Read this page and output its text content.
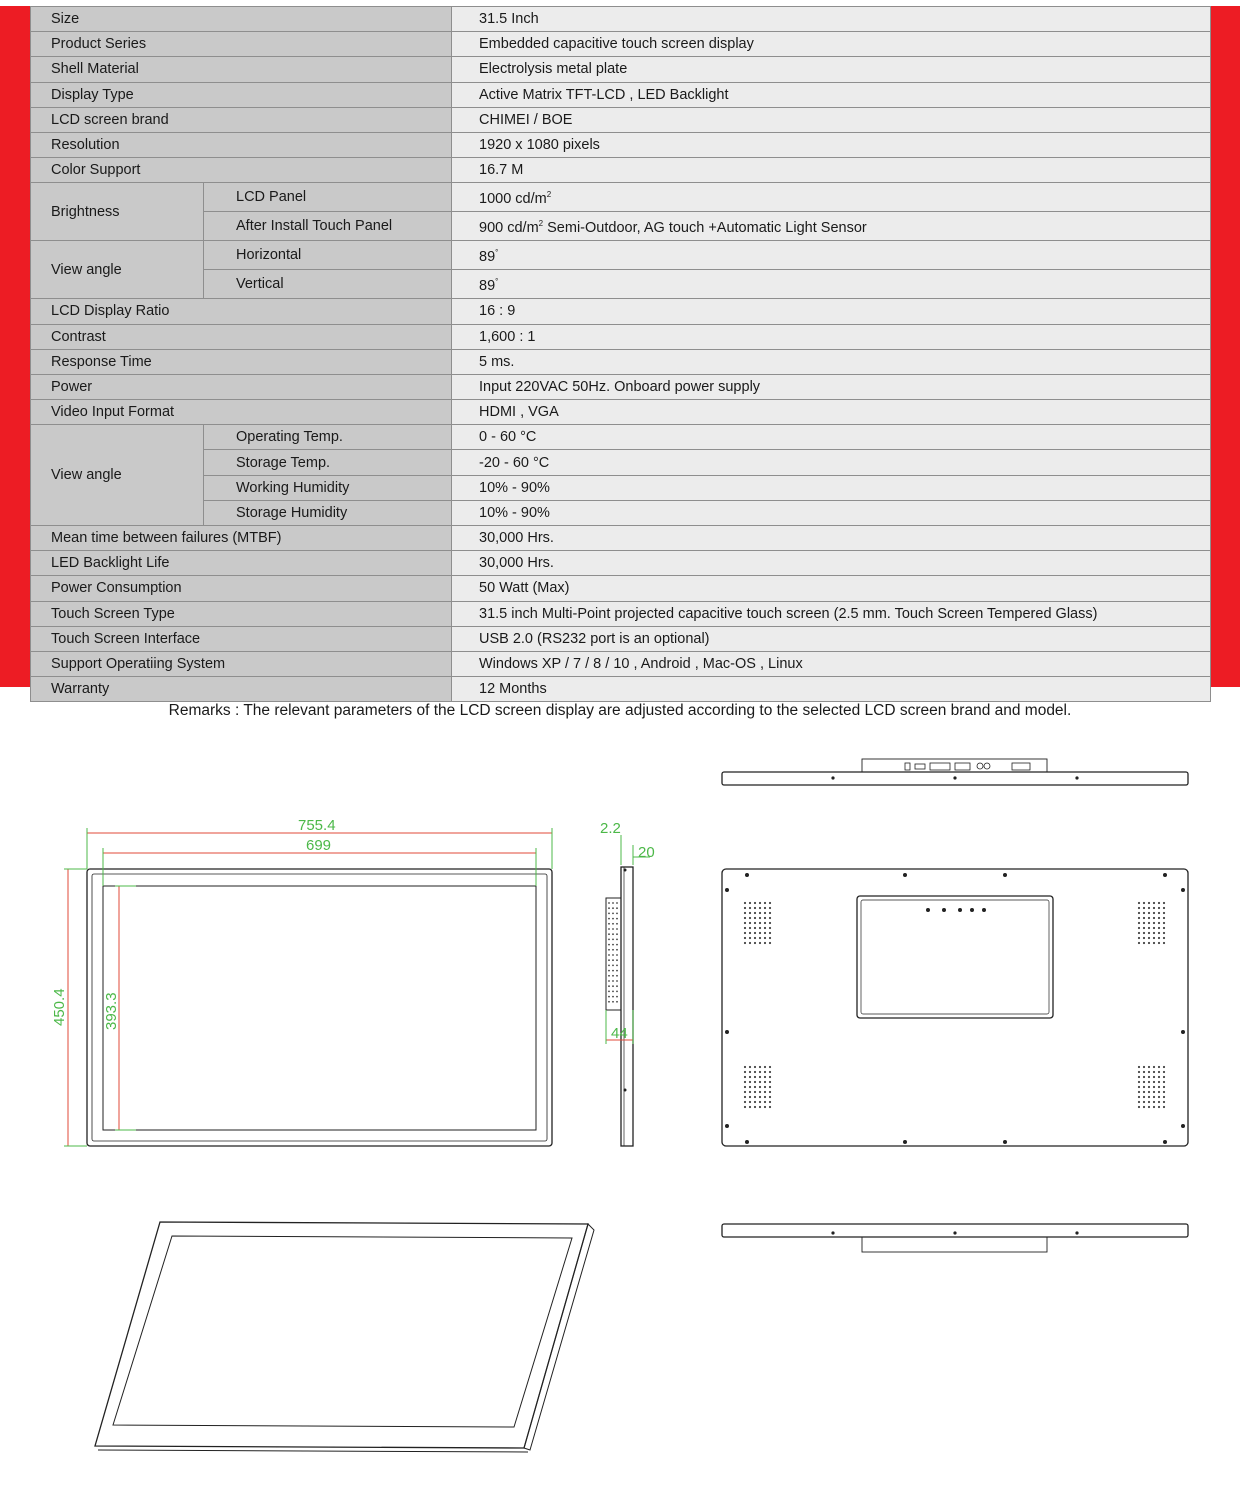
Size		31.5 Inch
Product Series		Embedded capacitive touch screen display
Shell Material		Electrolysis metal plate
Display Type		Active Matrix TFT-LCD , LED Backlight
LCD screen brand		CHIMEI / BOE
Resolution		1920 x 1080 pixels
Color Support		16.7 M
Brightness	LCD Panel	1000 $cd/m^2$
	After Install Touch Panel	900 $cd/m^2$ Semi-Outdoor, AG touch +Automatic Light Sensor
View angle	Horizontal	89°
	Vertical	89°
LCD Display Ratio		16 : 9
Contrast		1,600 : 1
Response Time		5 ms.
Power		Input 220VAC 50Hz. Onboard power supply
Video Input Format		HDMI , VGA
View angle	Operating Temp.	0 - 60 °C
	Storage Temp.	-20 - 60 °C
	Working Humidity	10% - 90%
	Storage Humidity	10% - 90%
Mean time between failures (MTBF)		30,000 Hrs.
LED Backlight Life		30,000 Hrs.
Power Consumption		50 Watt (Max)
Touch Screen Type		31.5 inch Multi-Point projected capacitive touch screen (2.5 mm. Touch Screen Tempered Glass)
Touch Screen Interface		USB 2.0 (RS232 port is an optional)
Support Operatiing System		Windows XP / 7 / 8 / 10 , Android , Mac-OS , Linux
Warranty		12 Months
Remarks : The relevant parameters of the LCD screen display are adjusted according to the selected LCD screen brand and model.
755.4
699
450.4 393.3
2.2
20
44
